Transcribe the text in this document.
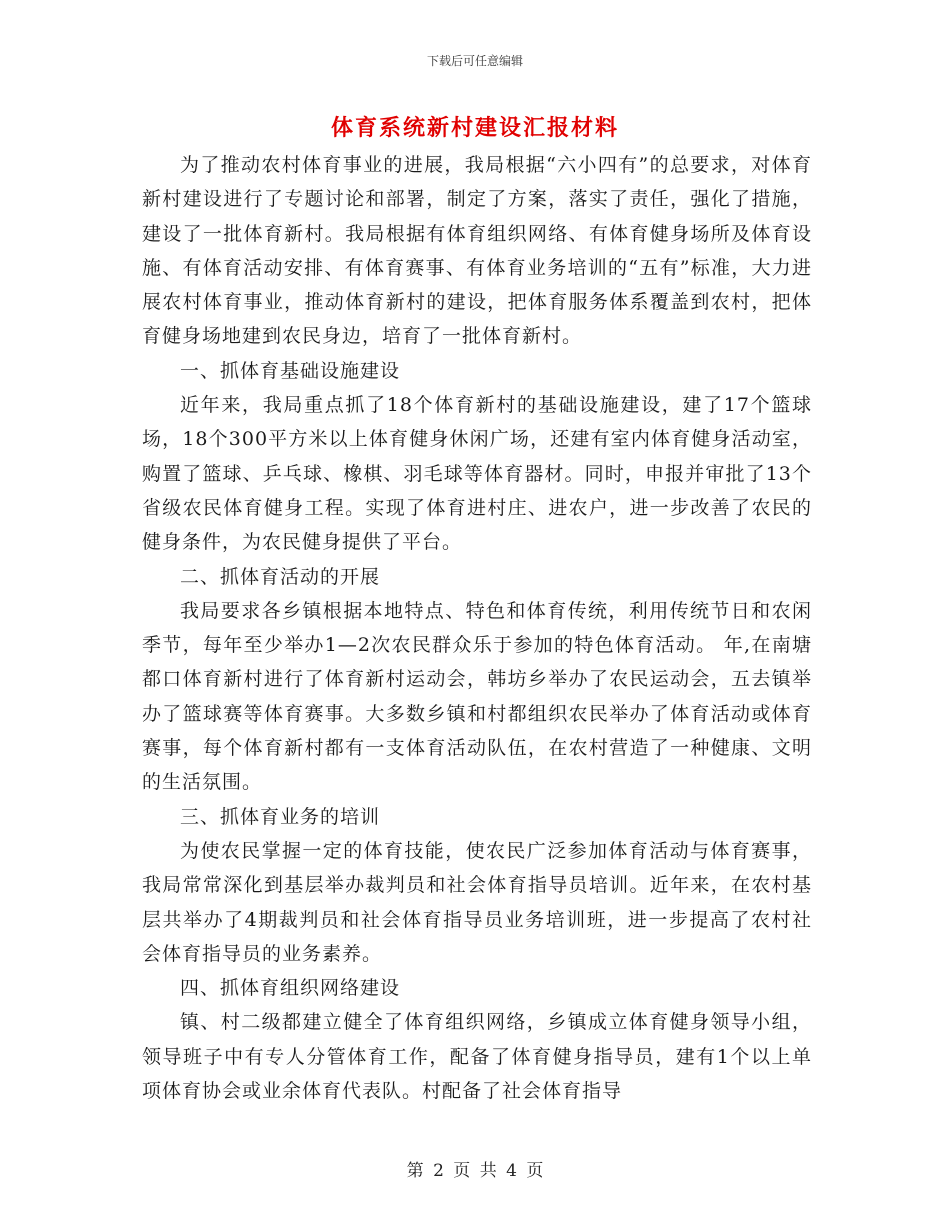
下载后可任意编辑
体育系统新村建设汇报材料

为了推动农村体育事业的进展，我局根据“六小四有”的总要求，对体育新村建设进行了专题讨论和部署，制定了方案，落实了责任，强化了措施，建设了一批体育新村。我局根据有体育组织网络、有体育健身场所及体育设施、有体育活动安排、有体育赛事、有体育业务培训的“五有”标准，大力进展农村体育事业，推动体育新村的建设，把体育服务体系覆盖到农村，把体育健身场地建到农民身边，培育了一批体育新村。

一、抓体育基础设施建设

近年来，我局重点抓了18个体育新村的基础设施建设，建了17个篮球场，18个300平方米以上体育健身休闲广场，还建有室内体育健身活动室，购置了篮球、乒乓球、橡棋、羽毛球等体育器材。同时，申报并审批了13个省级农民体育健身工程。实现了体育进村庄、进农户，进一步改善了农民的健身条件，为农民健身提供了平台。

二、抓体育活动的开展

我局要求各乡镇根据本地特点、特色和体育传统，利用传统节日和农闲季节，每年至少举办1—2次农民群众乐于参加的特色体育活动。 年,在南塘都口体育新村进行了体育新村运动会，韩坊乡举办了农民运动会，五去镇举办了篮球赛等体育赛事。大多数乡镇和村都组织农民举办了体育活动或体育赛事，每个体育新村都有一支体育活动队伍，在农村营造了一种健康、文明的生活氛围。

三、抓体育业务的培训

为使农民掌握一定的体育技能，使农民广泛参加体育活动与体育赛事，我局常常深化到基层举办裁判员和社会体育指导员培训。近年来，在农村基层共举办了4期裁判员和社会体育指导员业务培训班，进一步提高了农村社会体育指导员的业务素养。

四、抓体育组织网络建设

镇、村二级都建立健全了体育组织网络，乡镇成立体育健身领导小组，领导班子中有专人分管体育工作，配备了体育健身指导员，建有1个以上单项体育协会或业余体育代表队。村配备了社会体育指导

第 2 页 共 4 页
